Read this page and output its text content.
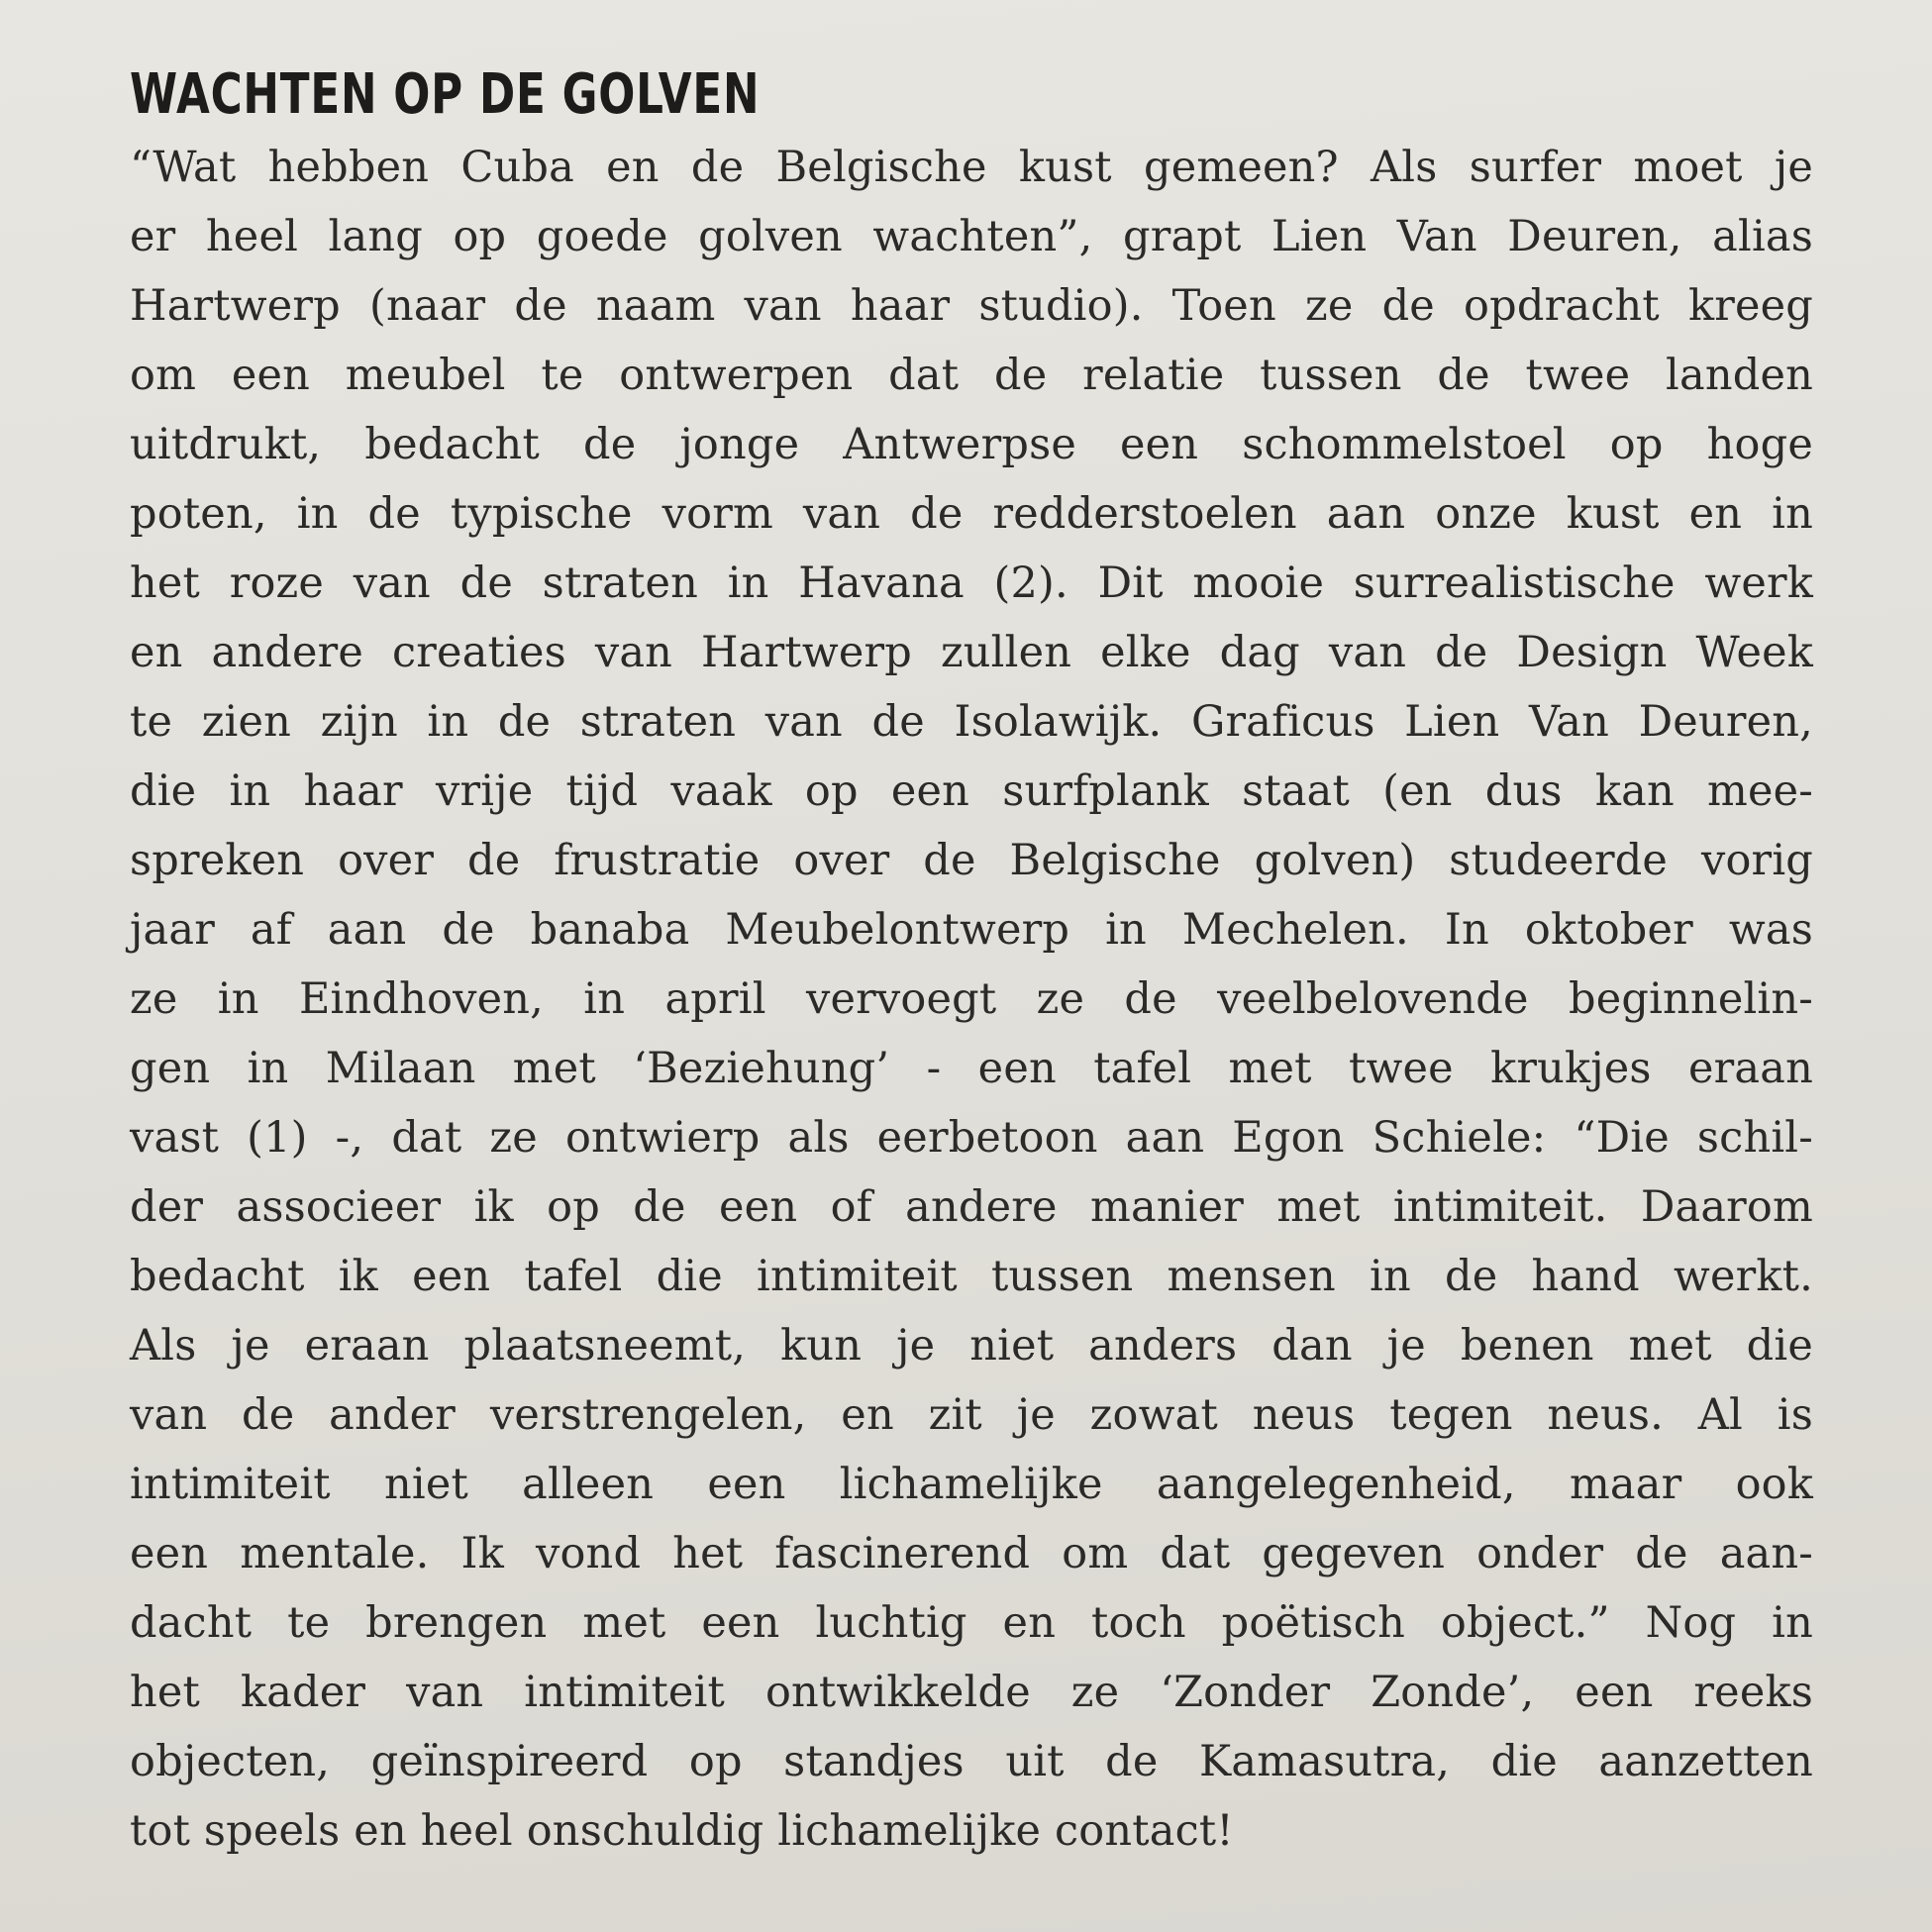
WACHTEN OP DE GOLVEN
“Wat hebben Cuba en de Belgische kust gemeen? Als surfer moet je
er heel lang op goede golven wachten”, grapt Lien Van Deuren, alias
Hartwerp (naar de naam van haar studio). Toen ze de opdracht kreeg
om een meubel te ontwerpen dat de relatie tussen de twee landen
uitdrukt, bedacht de jonge Antwerpse een schommelstoel op hoge
poten, in de typische vorm van de redderstoelen aan onze kust en in
het roze van de straten in Havana (2). Dit mooie surrealistische werk
en andere creaties van Hartwerp zullen elke dag van de Design Week
te zien zijn in de straten van de Isolawijk. Graficus Lien Van Deuren,
die in haar vrije tijd vaak op een surfplank staat (en dus kan mee-
spreken over de frustratie over de Belgische golven) studeerde vorig
jaar af aan de banaba Meubelontwerp in Mechelen. In oktober was
ze in Eindhoven, in april vervoegt ze de veelbelovende beginnelin-
gen in Milaan met ‘Beziehung’ - een tafel met twee krukjes eraan
vast (1) -, dat ze ontwierp als eerbetoon aan Egon Schiele: “Die schil-
der associeer ik op de een of andere manier met intimiteit. Daarom
bedacht ik een tafel die intimiteit tussen mensen in de hand werkt.
Als je eraan plaatsneemt, kun je niet anders dan je benen met die
van de ander verstrengelen, en zit je zowat neus tegen neus. Al is
intimiteit niet alleen een lichamelijke aangelegenheid, maar ook
een mentale. Ik vond het fascinerend om dat gegeven onder de aan-
dacht te brengen met een luchtig en toch poëtisch object.” Nog in
het kader van intimiteit ontwikkelde ze ‘Zonder Zonde’, een reeks
objecten, geïnspireerd op standjes uit de Kamasutra, die aanzetten
tot speels en heel onschuldig lichamelijke contact!
